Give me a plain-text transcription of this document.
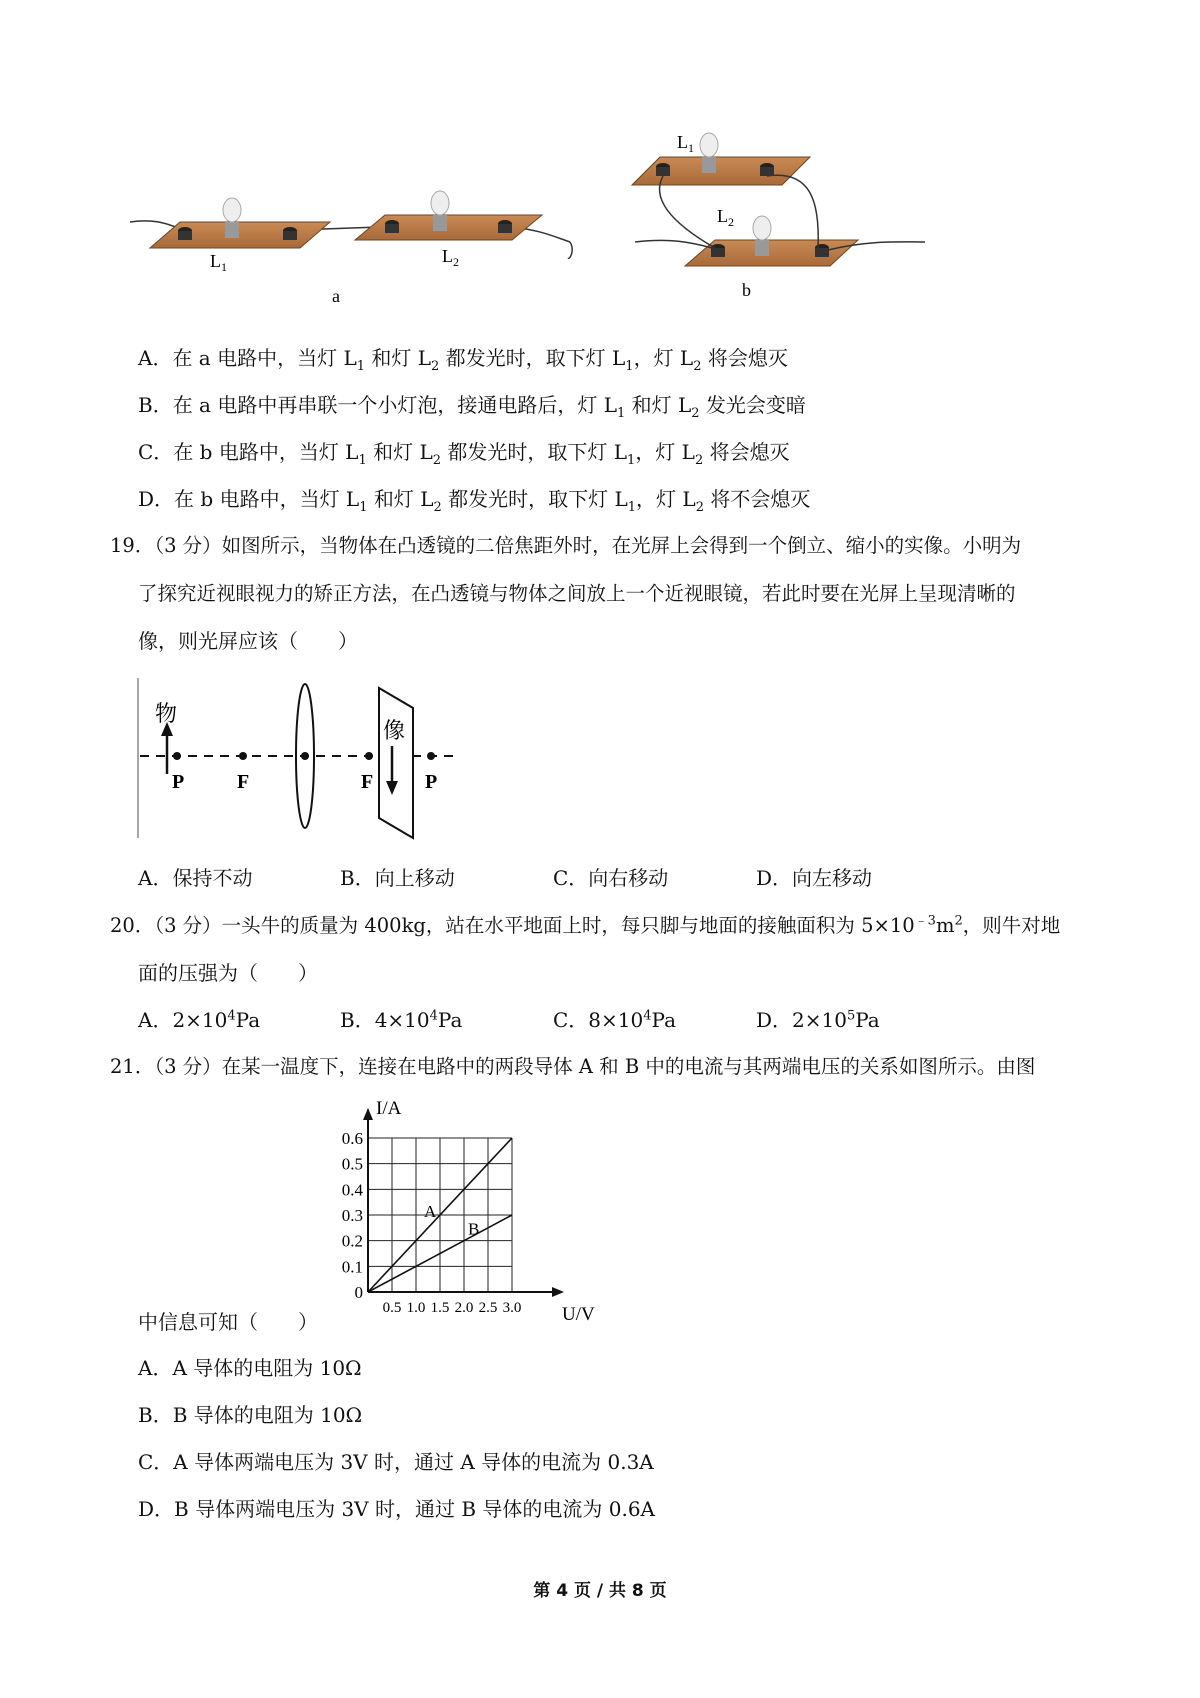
$L_1$
$L_2$
$L_1$
$L_2$
a	b
A．在 a 电路中，当灯 $L_1$ 和灯 $L_2$ 都发光时，取下灯 $L_1$，灯 $L_2$ 将会熄灭
B．在 a 电路中再串联一个小灯泡，接通电路后，灯 $L_1$ 和灯 $L_2$ 发光会变暗
C．在 b 电路中，当灯 $L_1$ 和灯 $L_2$ 都发光时，取下灯 $L_1$，灯 $L_2$ 将会熄灭
D．在 b 电路中，当灯 $L_1$ 和灯 $L_2$ 都发光时，取下灯 $L_1$，灯 $L_2$ 将不会熄灭
19．（3 分）如图所示，当物体在凸透镜的二倍焦距外时，在光屏上会得到一个倒立、缩小的实像。小明为
了探究近视眼视力的矫正方法，在凸透镜与物体之间放上一个近视眼镜，若此时要在光屏上呈现清晰的
像，则光屏应该（　　）
物
像
P	F	F	P
A．保持不动	B．向上移动	C．向右移动	D．向左移动
20．（3 分）一头牛的质量为 400kg，站在水平地面上时，每只脚与地面的接触面积为 $5\times 10^{﹣3}m^2$，则牛对地
面的压强为（　　）
A．$2\times 10^4Pa$	B．$4\times 10^4Pa$	C．$8\times 10^4Pa$	D．$2\times 10^5Pa$
21．（3 分）在某一温度下，连接在电路中的两段导体 A 和 B 中的电流与其两端电压的关系如图所示。由图
0.5 1.0 1.5 2.0 2.5 3.0
0.1
0.2
0.3
0.4
0.5
0.6
0
I/A
U/V
A
B
中信息可知（　　）
A．A 导体的电阻为 10Ω
B．B 导体的电阻为 10Ω
C．A 导体两端电压为 3V 时，通过 A 导体的电流为 0.3A
D．B 导体两端电压为 3V 时，通过 B 导体的电流为 0.6A
第 4 页 / 共 8 页
